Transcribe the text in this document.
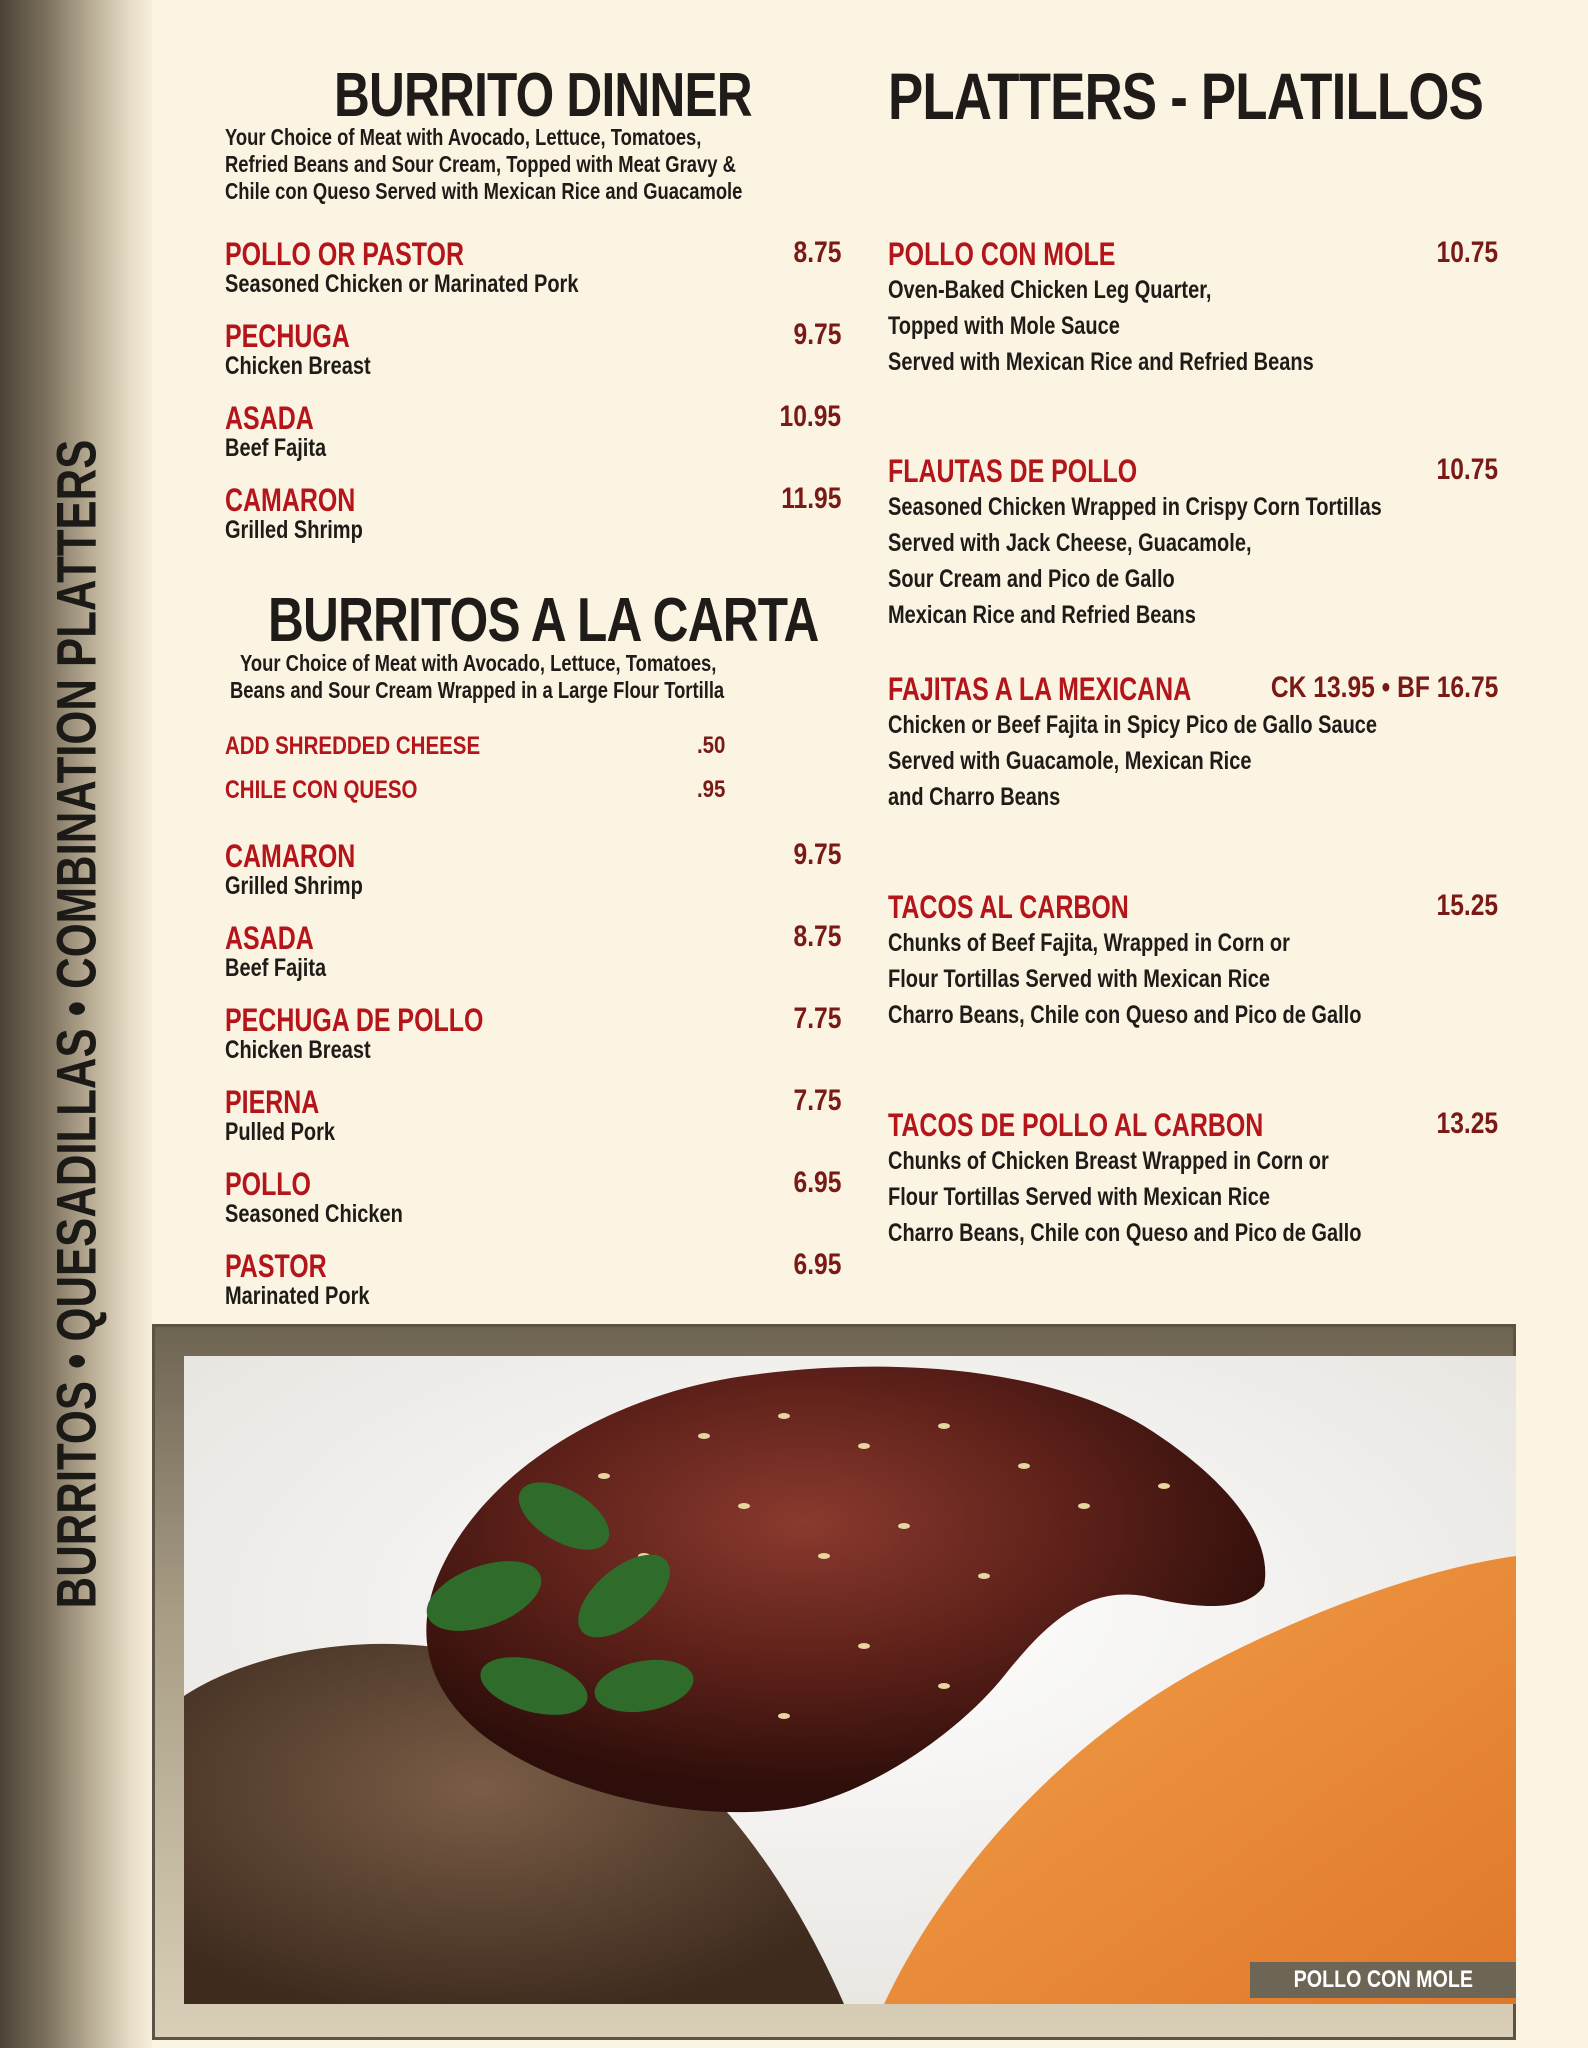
BURRITOS • QUESADILLAS • COMBINATION PLATTERS
BURRITO DINNER
Your Choice of Meat with Avocado, Lettuce, Tomatoes,
Refried Beans and Sour Cream, Topped with Meat Gravy &
Chile con Queso Served with Mexican Rice and Guacamole
POLLO OR PASTOR	8.75
Seasoned Chicken or Marinated Pork
PECHUGA	9.75
Chicken Breast
ASADA	10.95
Beef Fajita
CAMARON	11.95
Grilled Shrimp
BURRITOS A LA CARTA
Your Choice of Meat with Avocado, Lettuce, Tomatoes,
Beans and Sour Cream Wrapped in a Large Flour Tortilla
ADD SHREDDED CHEESE	.50
CHILE CON QUESO	.95
CAMARON	9.75
Grilled Shrimp
ASADA	8.75
Beef Fajita
PECHUGA DE POLLO	7.75
Chicken Breast
PIERNA	7.75
Pulled Pork
POLLO	6.95
Seasoned Chicken
PASTOR	6.95
Marinated Pork
PLATTERS - PLATILLOS
POLLO CON MOLE	10.75
Oven-Baked Chicken Leg Quarter,
Topped with Mole Sauce
Served with Mexican Rice and Refried Beans
FLAUTAS DE POLLO	10.75
Seasoned Chicken Wrapped in Crispy Corn Tortillas
Served with Jack Cheese, Guacamole,
Sour Cream and Pico de Gallo
Mexican Rice and Refried Beans
FAJITAS A LA MEXICANA	CK 13.95 • BF 16.75
Chicken or Beef Fajita in Spicy Pico de Gallo Sauce
Served with Guacamole, Mexican Rice
and Charro Beans
TACOS AL CARBON	15.25
Chunks of Beef Fajita, Wrapped in Corn or
Flour Tortillas Served with Mexican Rice
Charro Beans, Chile con Queso and Pico de Gallo
TACOS DE POLLO AL CARBON	13.25
Chunks of Chicken Breast Wrapped in Corn or
Flour Tortillas Served with Mexican Rice
Charro Beans, Chile con Queso and Pico de Gallo
POLLO CON MOLE
